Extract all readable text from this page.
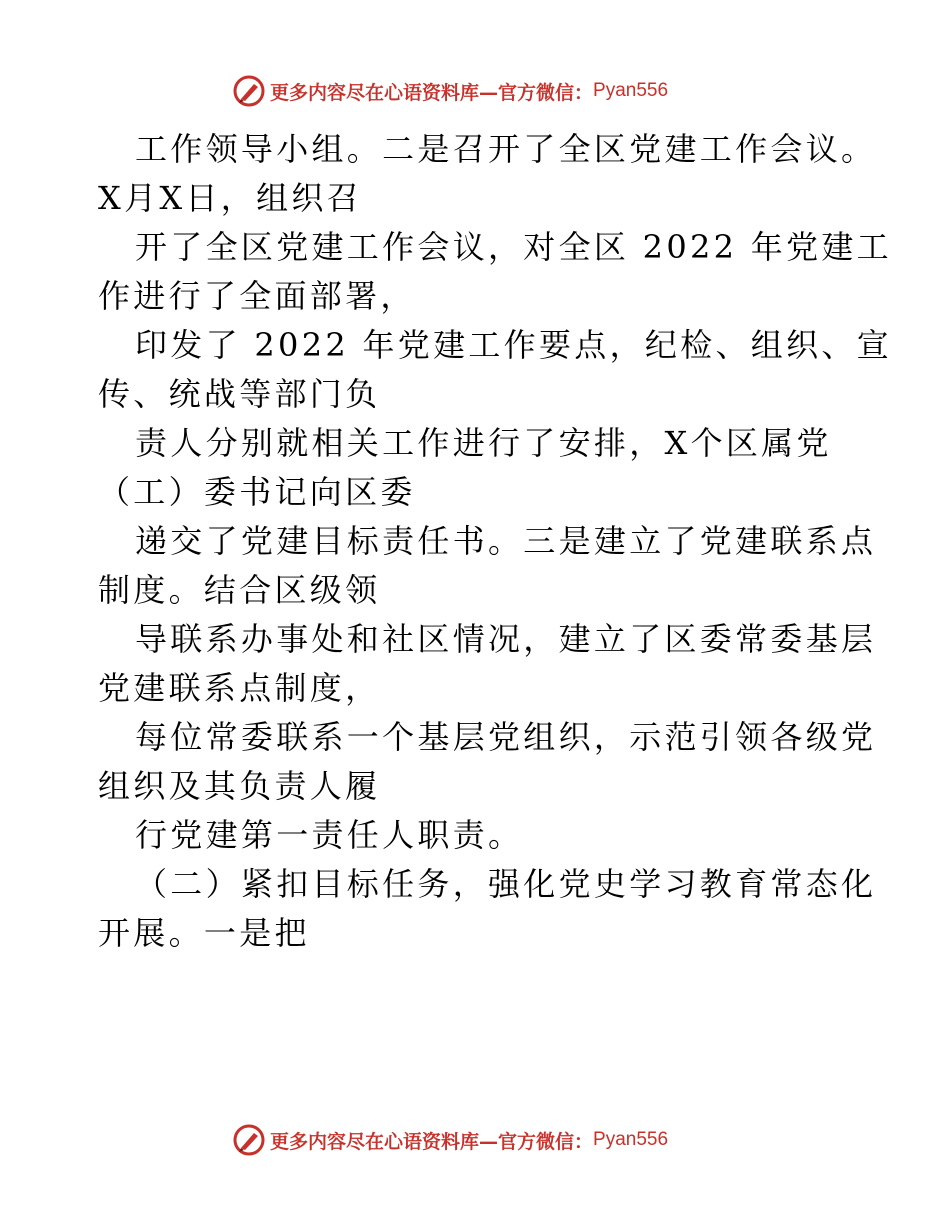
更多内容尽在心语资料库—官方微信： Pyan556
工作领导小组。二是召开了全区党建工作会议。
X月X日，组织召
开了全区党建工作会议，对全区 2022 年党建工
作进行了全面部署，
印发了 2022 年党建工作要点，纪检、组织、宣
传、统战等部门负
责人分别就相关工作进行了安排，X个区属党
（工）委书记向区委
递交了党建目标责任书。三是建立了党建联系点
制度。结合区级领
导联系办事处和社区情况，建立了区委常委基层
党建联系点制度，
每位常委联系一个基层党组织，示范引领各级党
组织及其负责人履
行党建第一责任人职责。
（二）紧扣目标任务，强化党史学习教育常态化
开展。一是把
更多内容尽在心语资料库—官方微信： Pyan556
